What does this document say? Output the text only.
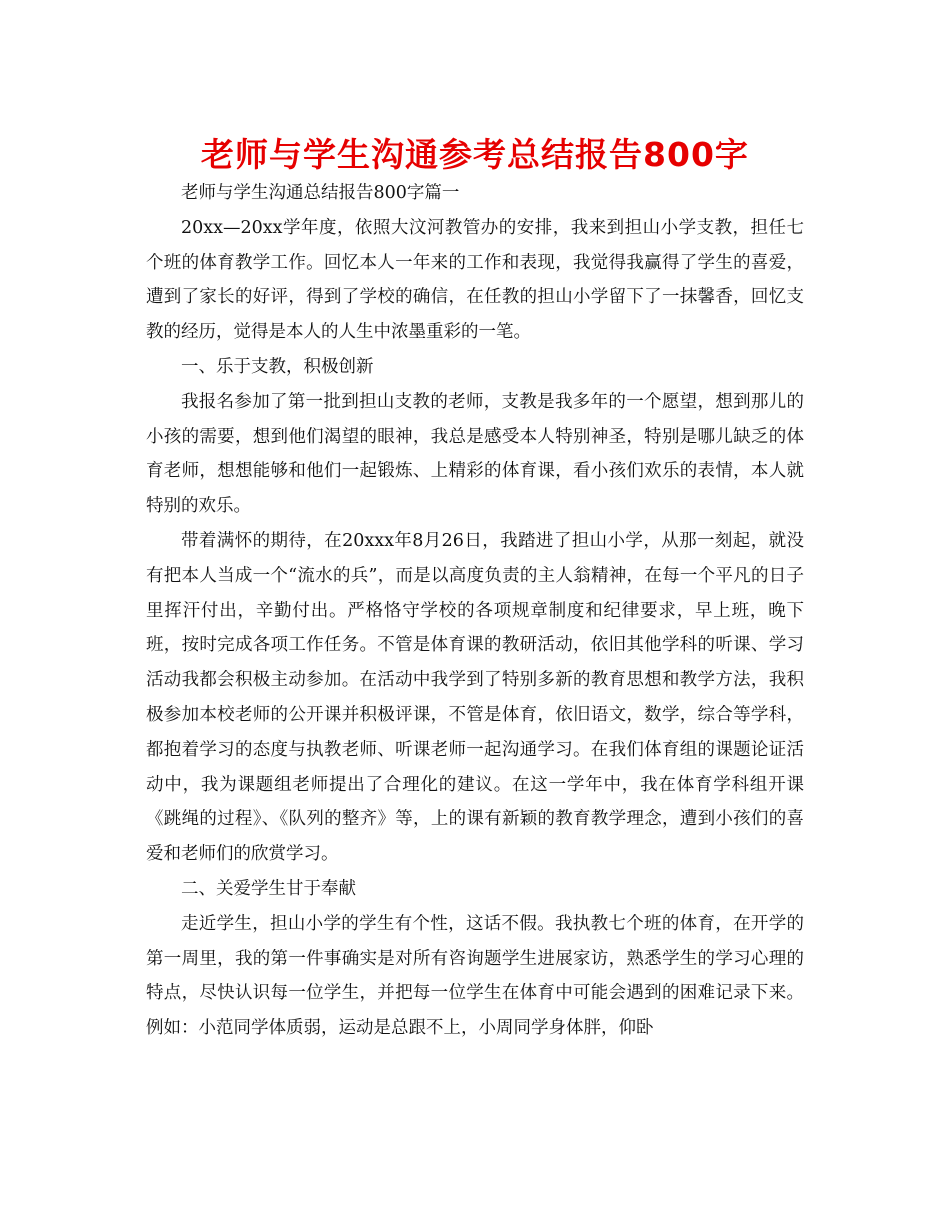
老师与学生沟通参考总结报告800字

老师与学生沟通总结报告800字篇一

20xx—20xx学年度，依照大汶河教管办的安排，我来到担山小学支教，担任七个班的体育教学工作。回忆本人一年来的工作和表现，我觉得我赢得了学生的喜爱，遭到了家长的好评，得到了学校的确信，在任教的担山小学留下了一抹馨香，回忆支教的经历，觉得是本人的人生中浓墨重彩的一笔。

一、乐于支教，积极创新

我报名参加了第一批到担山支教的老师，支教是我多年的一个愿望，想到那儿的小孩的需要，想到他们渴望的眼神，我总是感受本人特别神圣，特别是哪儿缺乏的体育老师，想想能够和他们一起锻炼、上精彩的体育课，看小孩们欢乐的表情，本人就特别的欢乐。

带着满怀的期待，在20xxx年8月26日，我踏进了担山小学，从那一刻起，就没有把本人当成一个“流水的兵”，而是以高度负责的主人翁精神，在每一个平凡的日子里挥汗付出，辛勤付出。严格恪守学校的各项规章制度和纪律要求，早上班，晚下班，按时完成各项工作任务。不管是体育课的教研活动，依旧其他学科的听课、学习活动我都会积极主动参加。在活动中我学到了特别多新的教育思想和教学方法，我积极参加本校老师的公开课并积极评课，不管是体育，依旧语文，数学，综合等学科，都抱着学习的态度与执教老师、听课老师一起沟通学习。在我们体育组的课题论证活动中，我为课题组老师提出了合理化的建议。在这一学年中，我在体育学科组开课《跳绳的过程》、《队列的整齐》等，上的课有新颖的教育教学理念，遭到小孩们的喜爱和老师们的欣赏学习。

二、关爱学生甘于奉献

走近学生，担山小学的学生有个性，这话不假。我执教七个班的体育，在开学的第一周里，我的第一件事确实是对所有咨询题学生进展家访，熟悉学生的学习心理的特点，尽快认识每一位学生，并把每一位学生在体育中可能会遇到的困难记录下来。例如：小范同学体质弱，运动是总跟不上，小周同学身体胖，仰卧
